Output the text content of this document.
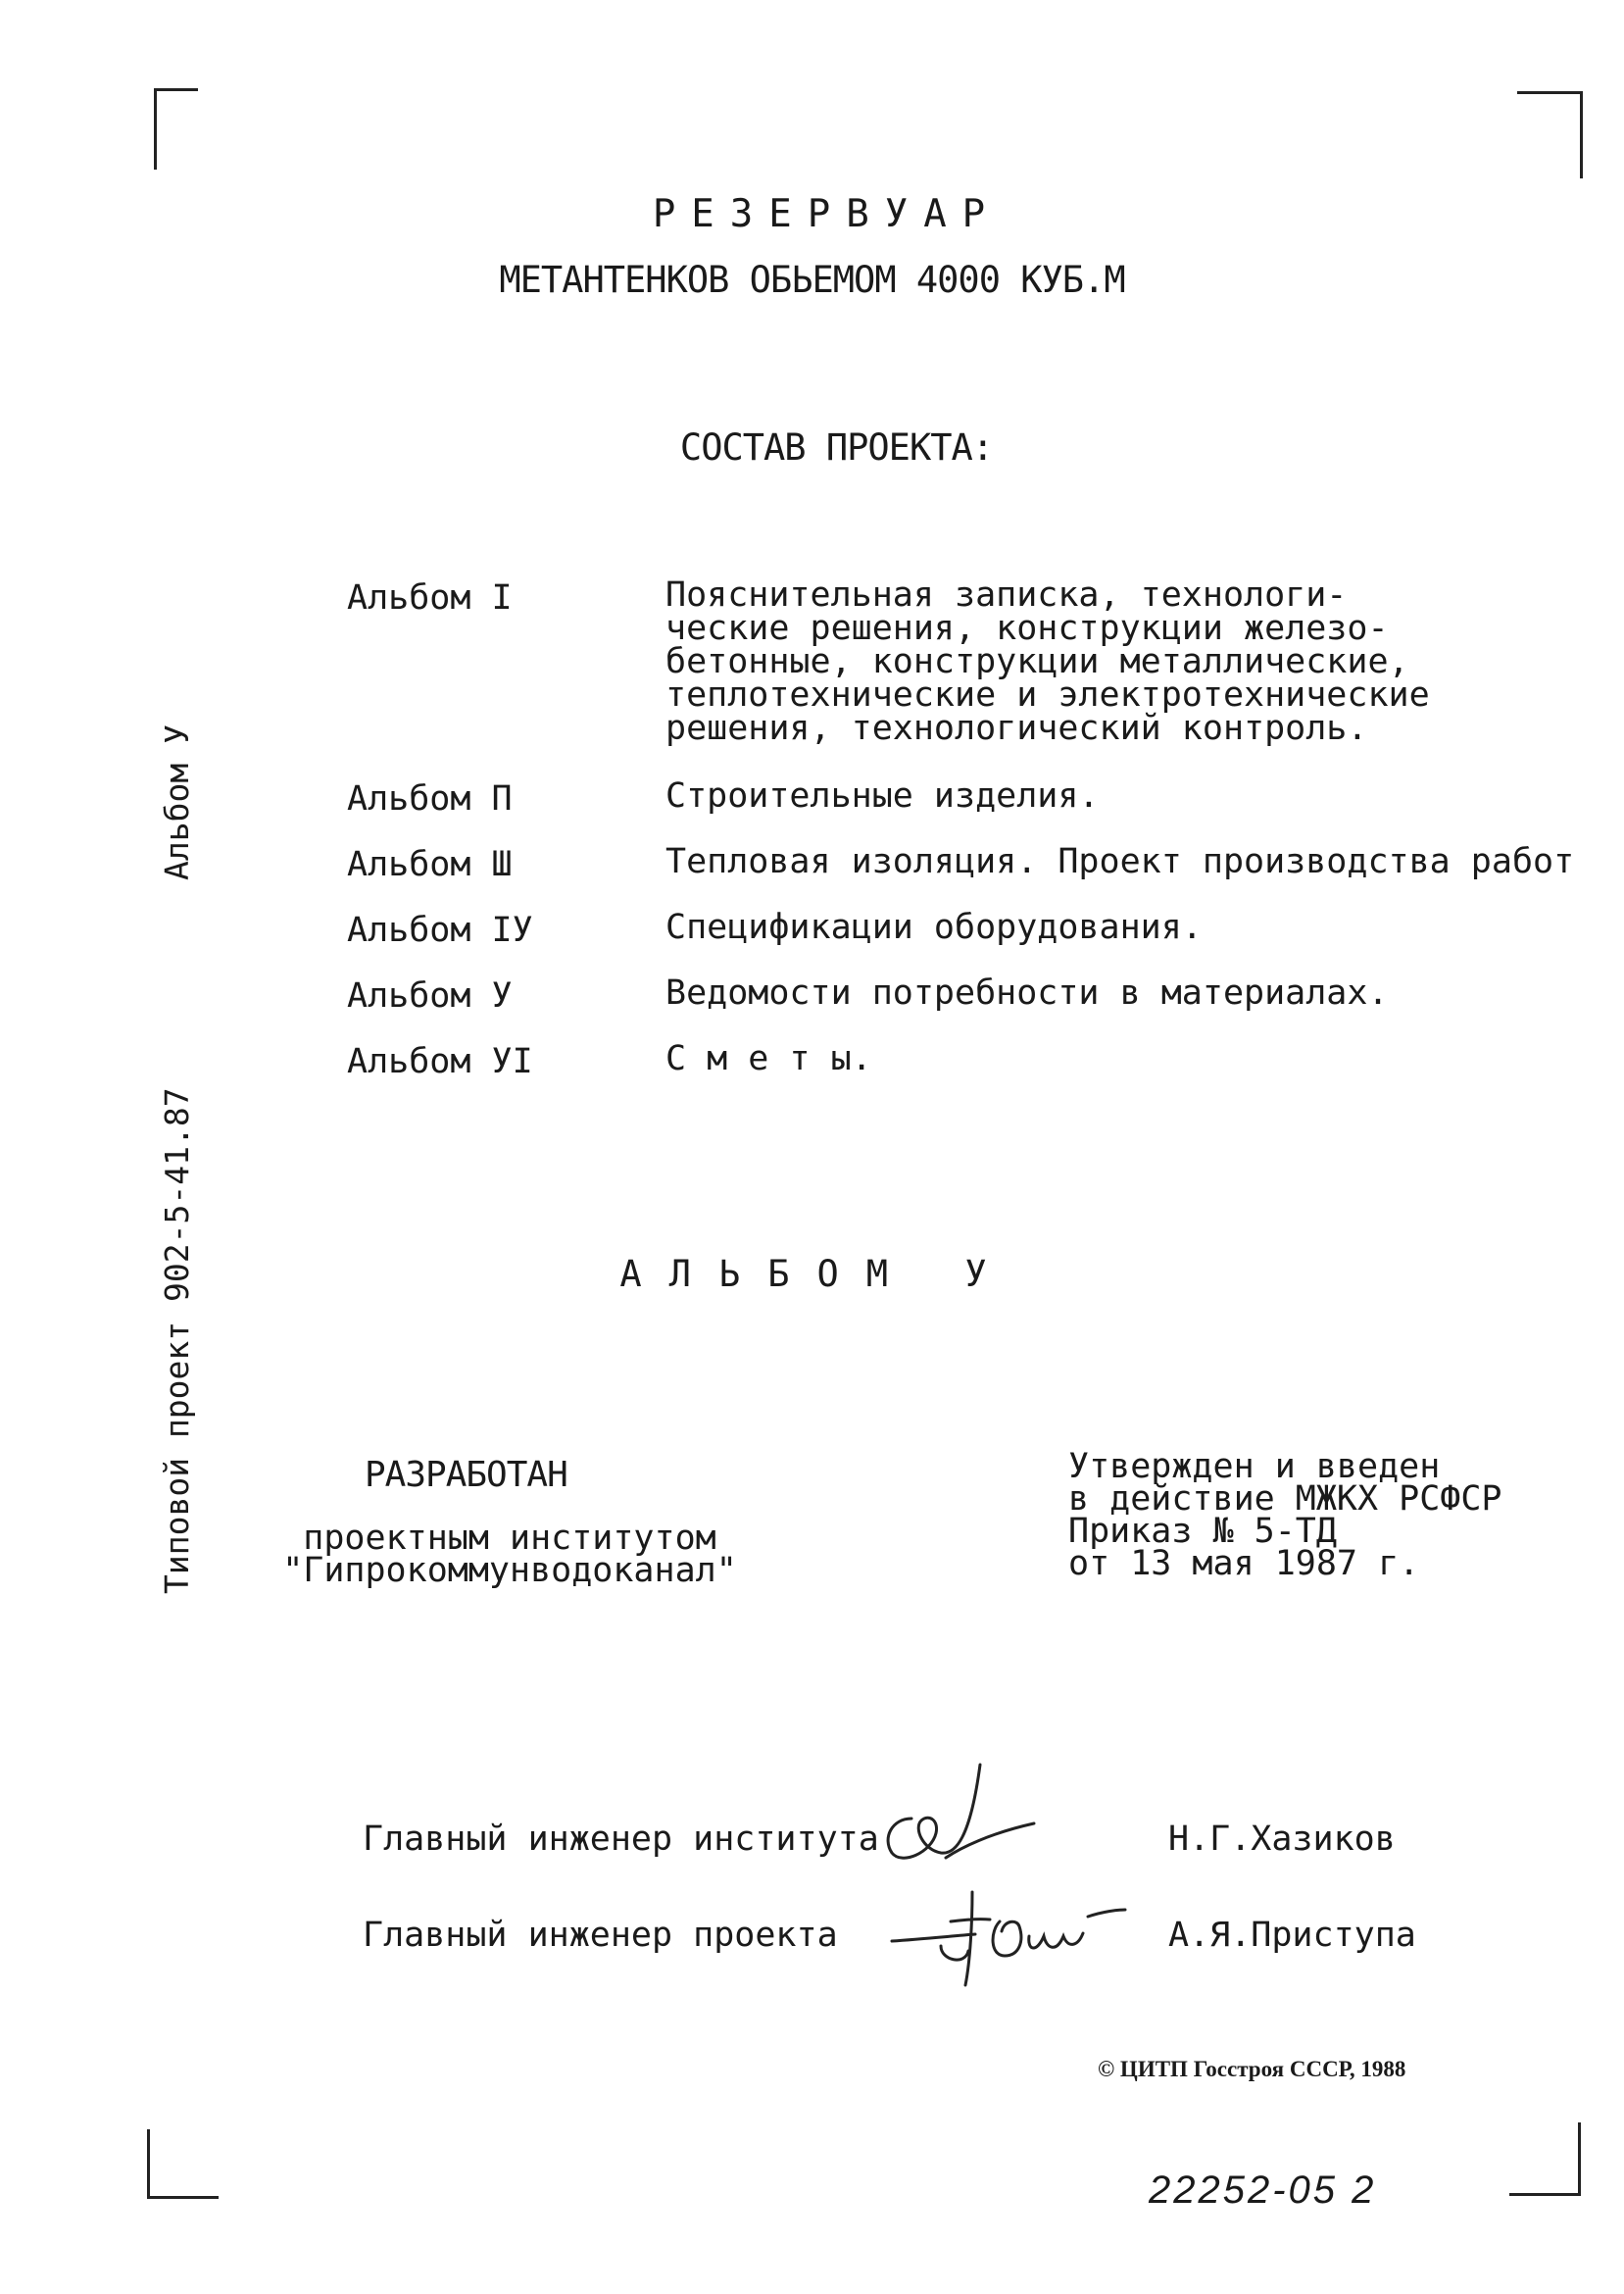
Альбом У
Типовой проект 902-5-41.87
РЕЗЕРВУАР
МЕТАНТЕНКОВ ОБЬЕМОМ 4000 КУБ.М
СОСТАВ ПРОЕКТА:
Альбом I	Пояснительная записка, технологи-
ческие решения, конструкции железо-
бетонные, конструкции металлические,
теплотехнические и электротехнические
решения, технологический контроль.
Альбом П	Строительные изделия.
Альбом Ш	Тепловая изоляция. Проект производства работ
Альбом IУ	Спецификации оборудования.
Альбом У	Ведомости потребности в материалах.
Альбом УI	С м е т ы.
АЛЬБОМ У
РАЗРАБОТАН
проектным институтом
"Гипрокоммунводоканал"
Утвержден и введен
в действие МЖКХ РСФСР
Приказ № 5-ТД
от 13 мая 1987 г.
Главный инженер института	Н.Г.Хазиков
Главный инженер проекта	А.Я.Приступа
© ЦИТП Госстроя СССР, 1988
22252-05 2
